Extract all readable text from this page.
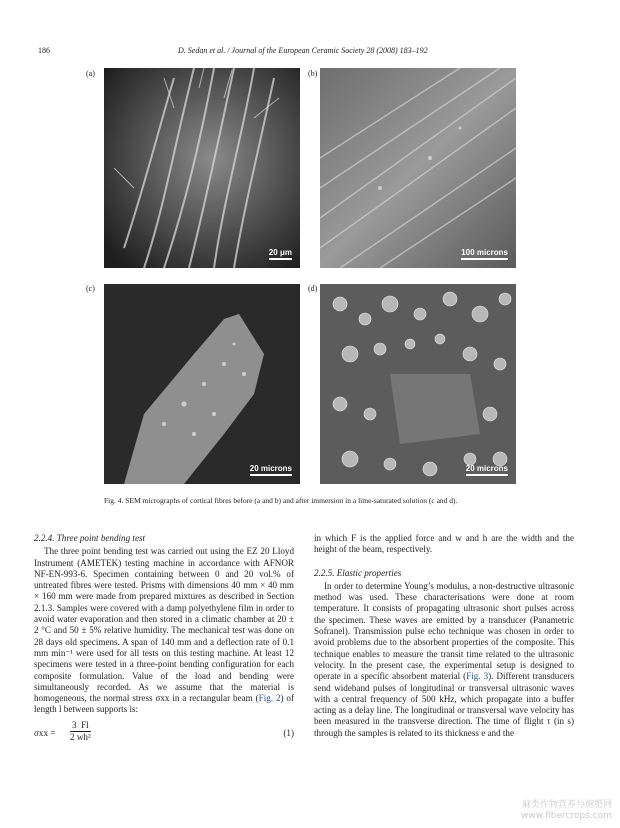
186	D. Sedan et al. / Journal of the European Ceramic Society 28 (2008) 183–192
(a)
20 μm
(b)
100 microns
(c)
20 microns
(d)
20 microns
Fig. 4. SEM micrographs of cortical fibres before (a and b) and after immersion in a lime-saturated solution (c and d).

2.2.4. Three point bending test

The three point bending test was carried out using the EZ 20 Lloyd Instrument (AMETEK) testing machine in accordance with AFNOR NF-EN-993-6. Specimen containing between 0 and 20 vol.% of untreated fibres were tested. Prisms with dimensions 40 mm × 40 mm × 160 mm were made from prepared mixtures as described in Section 2.1.3. Samples were covered with a damp polyethylene film in order to avoid water evaporation and then stored in a climatic chamber at 20 ± 2 °C and 50 ± 5% relative humidity. The mechanical test was done on 28 days old specimens. A span of 140 mm and a deflection rate of 0.1 mm min⁻¹ were used for all tests on this testing machine. At least 12 specimens were tested in a three-point bending configuration for each composite formulation. Value of the load and bending were simultaneously recorded. As we assume that the material is homogeneous, the normal stress σxx in a rectangular beam (Fig. 2) of length l between supports is:

$\sigma xx = \frac{3 Fl}{\text{2 wh²}}$	(1)

in which F is the applied force and w and h are the width and the height of the beam, respectively.

2.2.5. Elastic properties

In order to determine Young’s modulus, a non-destructive ultrasonic method was used. These characterisations were done at room temperature. It consists of propagating ultrasonic short pulses across the specimen. These waves are emitted by a transducer (Panametric Sofranel). Transmission pulse echo technique was chosen in order to avoid problems due to the absorbent properties of the composite. This technique enables to measure the transit time related to the ultrasonic velocity. In the present case, the experimental setup is designed to operate in a specific absorbent material (Fig. 3). Different transducers send wideband pulses of longitudinal or transversal ultrasonic waves with a central frequency of 500 kHz, which propagate into a buffer acting as a delay line. The longitudinal or transversal wave velocity has been measured in the transverse direction. The time of flight τ (in s) through the samples is related to its thickness e and the

麻类作物营养与施肥网
www.fibercrops.com
